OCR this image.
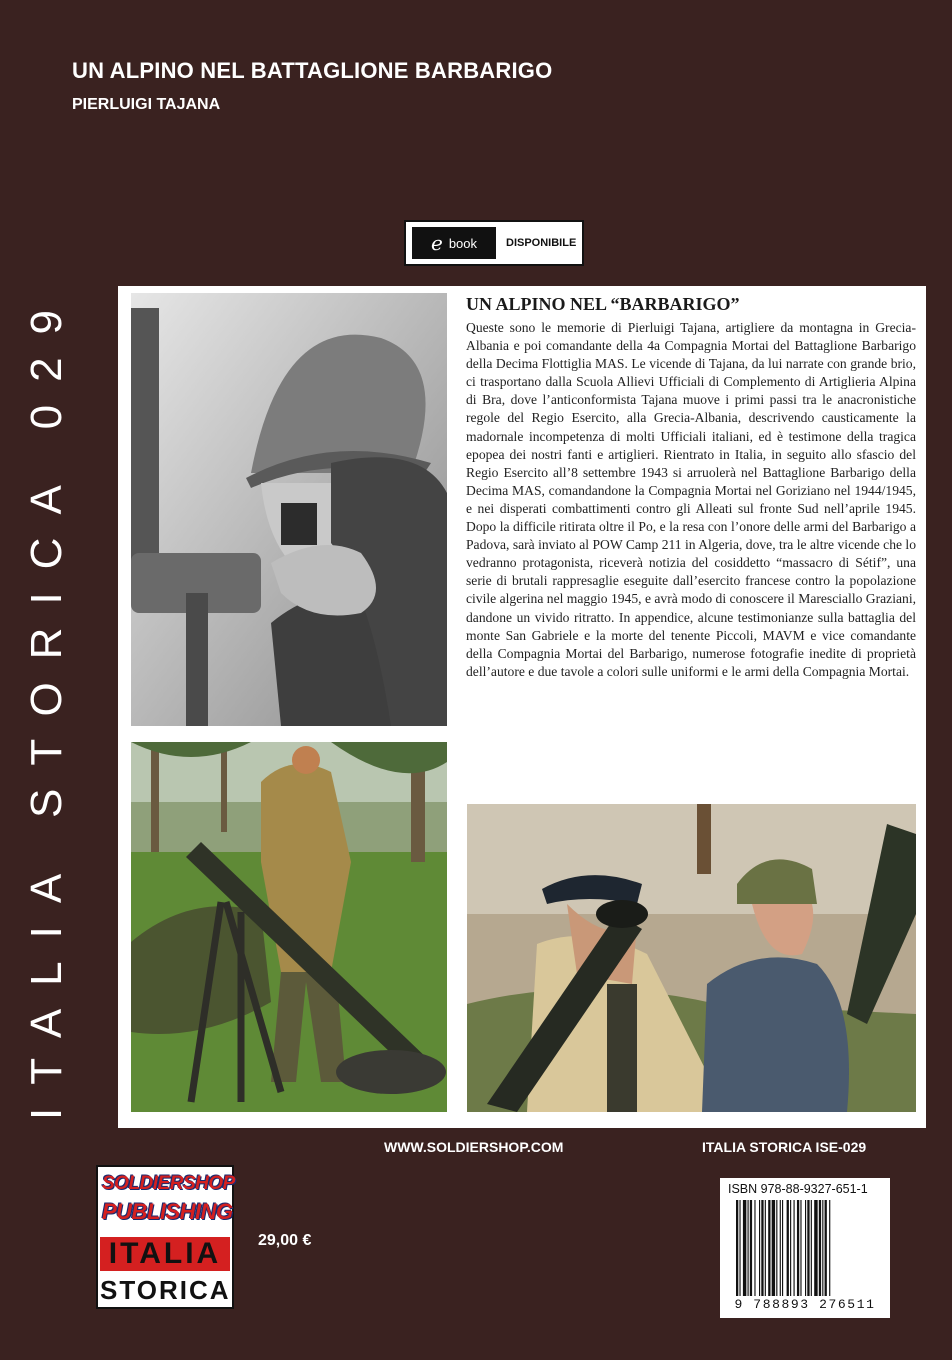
UN ALPINO NEL BATTAGLIONE BARBARIGO
PIERLUIGI TAJANA
e book	DISPONIBILE
ITALIA STORICA 029	UN ALPINO NEL “BARBARIGO”

Queste sono le memorie di Pierluigi Tajana, artigliere da montagna in Grecia-Albania e poi comandante della 4a Compagnia Mortai del Battaglione Barbarigo della Decima Flottiglia MAS. Le vicende di Tajana, da lui narrate con grande brio, ci trasportano dalla Scuola Allievi Ufficiali di Complemento di Artiglieria Alpina di Bra, dove l’anticonformista Tajana muove i primi passi tra le anacronistiche regole del Regio Esercito, alla Grecia-Albania, descrivendo causticamente la madornale incompetenza di molti Ufficiali italiani, ed è testimone della tragica epopea dei nostri fanti e artiglieri. Rientrato in Italia, in seguito allo sfascio del Regio Esercito all’8 settembre 1943 si arruolerà nel Battaglione Barbarigo della Decima MAS, comandandone la Compagnia Mortai nel Goriziano nel 1944/1945, e nei disperati combattimenti contro gli Alleati sul fronte Sud nell’aprile 1945. Dopo la difficile ritirata oltre il Po, e la resa con l’onore delle armi del Barbarigo a Padova, sarà inviato al POW Camp 211 in Algeria, dove, tra le altre vicende che lo vedranno protagonista, riceverà notizia del cosiddetto “massacro di Sétif”, una serie di brutali rappresaglie eseguite dall’esercito francese contro la popolazione civile algerina nel maggio 1945, e avrà modo di conoscere il Maresciallo Graziani, dandone un vivido ritratto. In appendice, alcune testimonianze sulla battaglia del monte San Gabriele e la morte del tenente Piccoli, MAVM e vice comandante della Compagnia Mortai del Barbarigo, numerose fotografie inedite di proprietà dell’autore e due tavole a colori sulle uniformi e le armi della Compagnia Mortai.

WWW.SOLDIERSHOP.COM	ITALIA STORICA ISE-029
SOLDIERSHOP
PUBLISHING
ITALIA
STORICA
29,00 €
ISBN 978-88-9327-651-1
9 788893 276511
